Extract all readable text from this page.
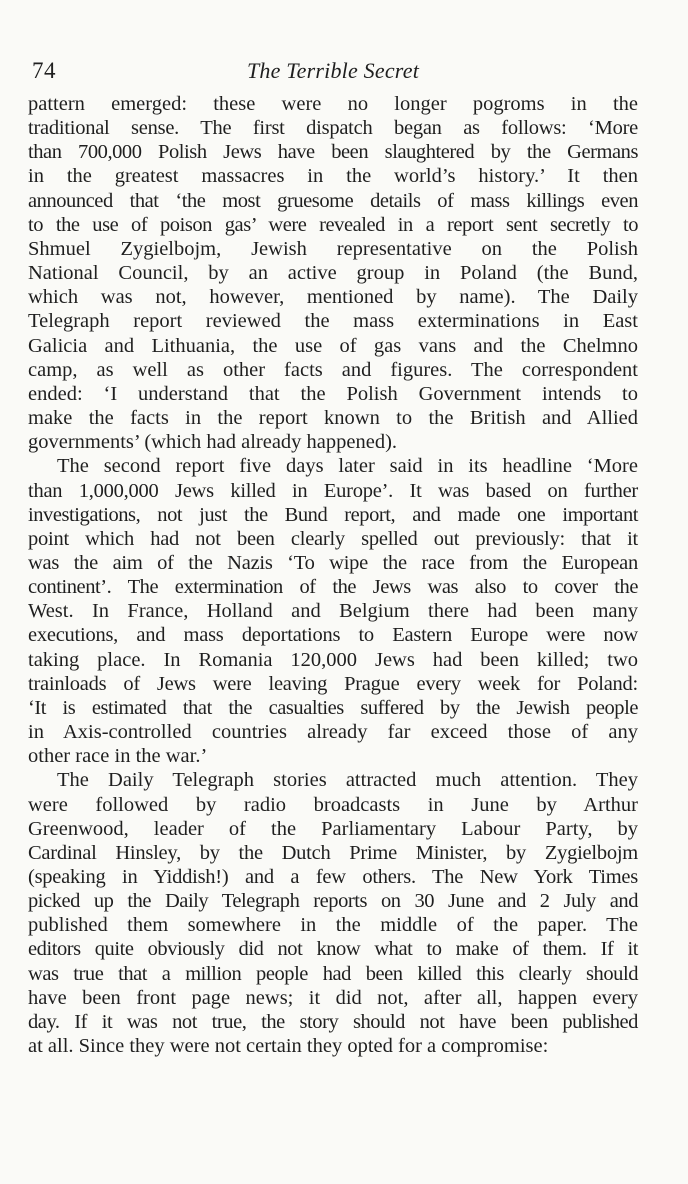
74	The Terrible Secret

pattern emerged: these were no longer pogroms in the
traditional sense. The first dispatch began as follows: ‘More
than 700,000 Polish Jews have been slaughtered by the Germans
in the greatest massacres in the world’s history.’ It then
announced that ‘the most gruesome details of mass killings even
to the use of poison gas’ were revealed in a report sent secretly to
Shmuel Zygielbojm, Jewish representative on the Polish
National Council, by an active group in Poland (the Bund,
which was not, however, mentioned by name). The Daily
Telegraph report reviewed the mass exterminations in East
Galicia and Lithuania, the use of gas vans and the Chelmno
camp, as well as other facts and figures. The correspondent
ended: ‘I understand that the Polish Government intends to
make the facts in the report known to the British and Allied
governments’ (which had already happened).

The second report five days later said in its headline ‘More
than 1,000,000 Jews killed in Europe’. It was based on further
investigations, not just the Bund report, and made one important
point which had not been clearly spelled out previously: that it
was the aim of the Nazis ‘To wipe the race from the European
continent’. The extermination of the Jews was also to cover the
West. In France, Holland and Belgium there had been many
executions, and mass deportations to Eastern Europe were now
taking place. In Romania 120,000 Jews had been killed; two
trainloads of Jews were leaving Prague every week for Poland:
‘It is estimated that the casualties suffered by the Jewish people
in Axis-controlled countries already far exceed those of any
other race in the war.’

The Daily Telegraph stories attracted much attention. They
were followed by radio broadcasts in June by Arthur
Greenwood, leader of the Parliamentary Labour Party, by
Cardinal Hinsley, by the Dutch Prime Minister, by Zygielbojm
(speaking in Yiddish!) and a few others. The New York Times
picked up the Daily Telegraph reports on 30 June and 2 July and
published them somewhere in the middle of the paper. The
editors quite obviously did not know what to make of them. If it
was true that a million people had been killed this clearly should
have been front page news; it did not, after all, happen every
day. If it was not true, the story should not have been published
at all. Since they were not certain they opted for a compromise:
